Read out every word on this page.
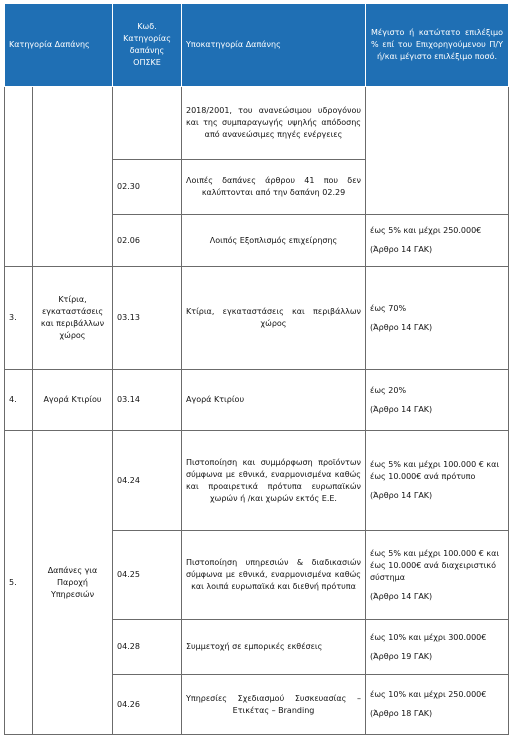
Κατηγορία Δαπάνης		Κωδ. Κατηγορίας δαπάνης ΟΠΣΚΕ	Υποκατηγορία Δαπάνης	Μέγιστο ή κατώτατο επιλέξιμο % επί του Επιχορηγούμενου Π/Υ ή/και μέγιστο επιλέξιμο ποσό.
			2018/2001, του ανανεώσιμου υδρογόνου και της συμπαραγωγής υψηλής απόδοσης από ανανεώσιμες πηγές ενέργειες	
		02.30	Λοιπές δαπάνες άρθρου 41 που δεν καλύπτονται από την δαπάνη 02.29	
		02.06	Λοιπός Εξοπλισμός επιχείρησης	έως 5% και μέχρι 250.000€

(Άρθρο 14 ΓΑΚ)

3.	Κτίρια, εγκαταστάσεις και περιβάλλων χώρος	03.13	Κτίρια, εγκαταστάσεις και περιβάλλων χώρος	έως 70%

(Άρθρο 14 ΓΑΚ)

4.	Αγορά Κτιρίου	03.14	Αγορά Κτιρίου	έως 20%

(Άρθρο 14 ΓΑΚ)

5.	Δαπάνες για Παροχή Υπηρεσιών	04.24	Πιστοποίηση και συμμόρφωση προϊόντων σύμφωνα με εθνικά, εναρμονισμένα καθώς και προαιρετικά πρότυπα ευρωπαϊκών χωρών ή /και χωρών εκτός Ε.Ε.	έως 5% και μέχρι 100.000 € και έως 10.000€ ανά πρότυπο

(Άρθρο 14 ΓΑΚ)

		04.25	Πιστοποίηση υπηρεσιών & διαδικασιών σύμφωνα με εθνικά, εναρμονισμένα καθώς και λοιπά ευρωπαϊκά και διεθνή πρότυπα	έως 5% και μέχρι 100.000 € και έως 10.000€ ανά διαχειριστικό σύστημα

(Άρθρο 14 ΓΑΚ)

		04.28	Συμμετοχή σε εμπορικές εκθέσεις	έως 10% και μέχρι 300.000€

(Άρθρο 19 ΓΑΚ)

		04.26	Υπηρεσίες Σχεδιασμού Συσκευασίας – Ετικέτας – Branding	έως 10% και μέχρι 250.000€

(Άρθρο 18 ΓΑΚ)
